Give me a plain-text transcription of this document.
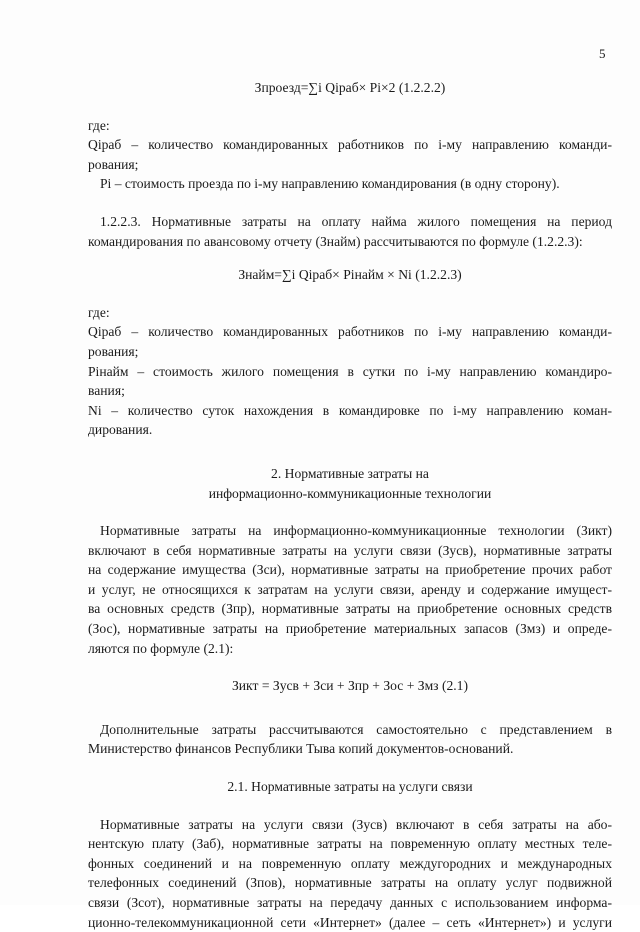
5

Зпроезд=∑i Qiраб× Pi×2 (1.2.2.2)

где:

Qiраб – количество командированных работников по i-му направлению команди-

рования;

Pi – стоимость проезда по i-му направлению командирования (в одну сторону).

1.2.2.3. Нормативные затраты на оплату найма жилого помещения на период

командирования по авансовому отчету (Знайм) рассчитываются по формуле (1.2.2.3):

Знайм=∑i Qiраб× Piнайм × Ni (1.2.2.3)

где:

Qiраб – количество командированных работников по i-му направлению команди-

рования;

Piнайм – стоимость жилого помещения в сутки по i-му направлению командиро-

вания;

Ni – количество суток нахождения в командировке по i-му направлению коман-

дирования.

2. Нормативные затраты на

информационно-коммуникационные технологии

Нормативные затраты на информационно-коммуникационные технологии (Зикт)

включают в себя нормативные затраты на услуги связи (Зусв), нормативные затраты

на содержание имущества (Зси), нормативные затраты на приобретение прочих работ

и услуг, не относящихся к затратам на услуги связи, аренду и содержание имущест-

ва основных средств (Зпр), нормативные затраты на приобретение основных средств

(Зос), нормативные затраты на приобретение материальных запасов (Змз) и опреде-

ляются по формуле (2.1):

Зикт = Зусв + Зси + Зпр + Зос + Змз (2.1)

Дополнительные затраты рассчитываются самостоятельно с представлением в

Министерство финансов Республики Тыва копий документов-оснований.

2.1. Нормативные затраты на услуги связи

Нормативные затраты на услуги связи (Зусв) включают в себя затраты на або-

нентскую плату (Заб), нормативные затраты на повременную оплату местных теле-

фонных соединений и на повременную оплату междугородних и международных

телефонных соединений (Зпов), нормативные затраты на оплату услуг подвижной

связи (Зсот), нормативные затраты на передачу данных с использованием информа-

ционно-телекоммуникационной сети «Интернет» (далее – сеть «Интернет») и услуги
